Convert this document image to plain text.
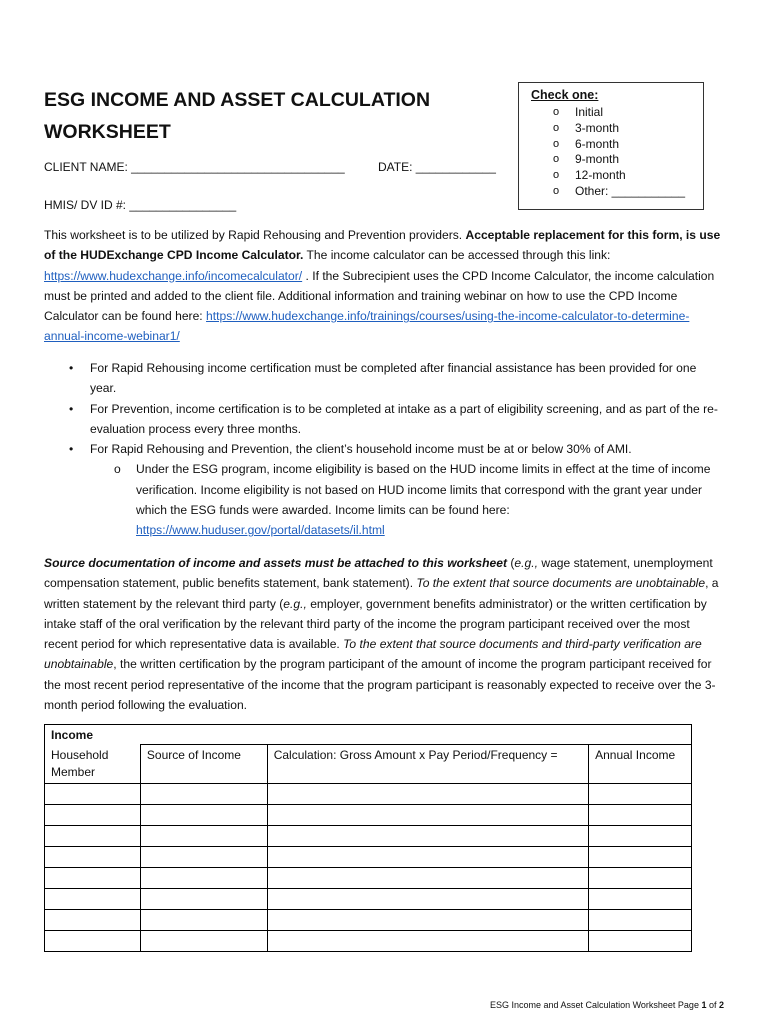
ESG INCOME AND ASSET CALCULATION
WORKSHEET
Check one:
o Initial
o 3-month
o 6-month
o 9-month
o 12-month
o Other: ___________
CLIENT NAME: ________________________________	DATE: ____________
HMIS/ DV ID #: ________________
This worksheet is to be utilized by Rapid Rehousing and Prevention providers. Acceptable replacement for this form, is use of the HUDExchange CPD Income Calculator. The income calculator can be accessed through this link: https://www.hudexchange.info/incomecalculator/ . If the Subrecipient uses the CPD Income Calculator, the income calculation must be printed and added to the client file. Additional information and training webinar on how to use the CPD Income Calculator can be found here: https://www.hudexchange.info/trainings/courses/using-the-income-calculator-to-determine-annual-income-webinar1/
• For Rapid Rehousing income certification must be completed after financial assistance has been provided for one year.
• For Prevention, income certification is to be completed at intake as a part of eligibility screening, and as part of the re-evaluation process every three months.
• For Rapid Rehousing and Prevention, the client’s household income must be at or below 30% of AMI.
o Under the ESG program, income eligibility is based on the HUD income limits in effect at the time of income verification. Income eligibility is not based on HUD income limits that correspond with the grant year under which the ESG funds were awarded. Income limits can be found here: https://www.huduser.gov/portal/datasets/il.html
Source documentation of income and assets must be attached to this worksheet (e.g., wage statement, unemployment compensation statement, public benefits statement, bank statement). To the extent that source documents are unobtainable, a written statement by the relevant third party (e.g., employer, government benefits administrator) or the written certification by intake staff of the oral verification by the relevant third party of the income the program participant received over the most recent period for which representative data is available. To the extent that source documents and third-party verification are unobtainable, the written certification by the program participant of the amount of income the program participant received for the most recent period representative of the income that the program participant is reasonably expected to receive over the 3-month period following the evaluation.
Income			
Household Member	Source of Income	Calculation: Gross Amount x Pay Period/Frequency =	Annual Income

ESG Income and Asset Calculation Worksheet Page 1 of 2
